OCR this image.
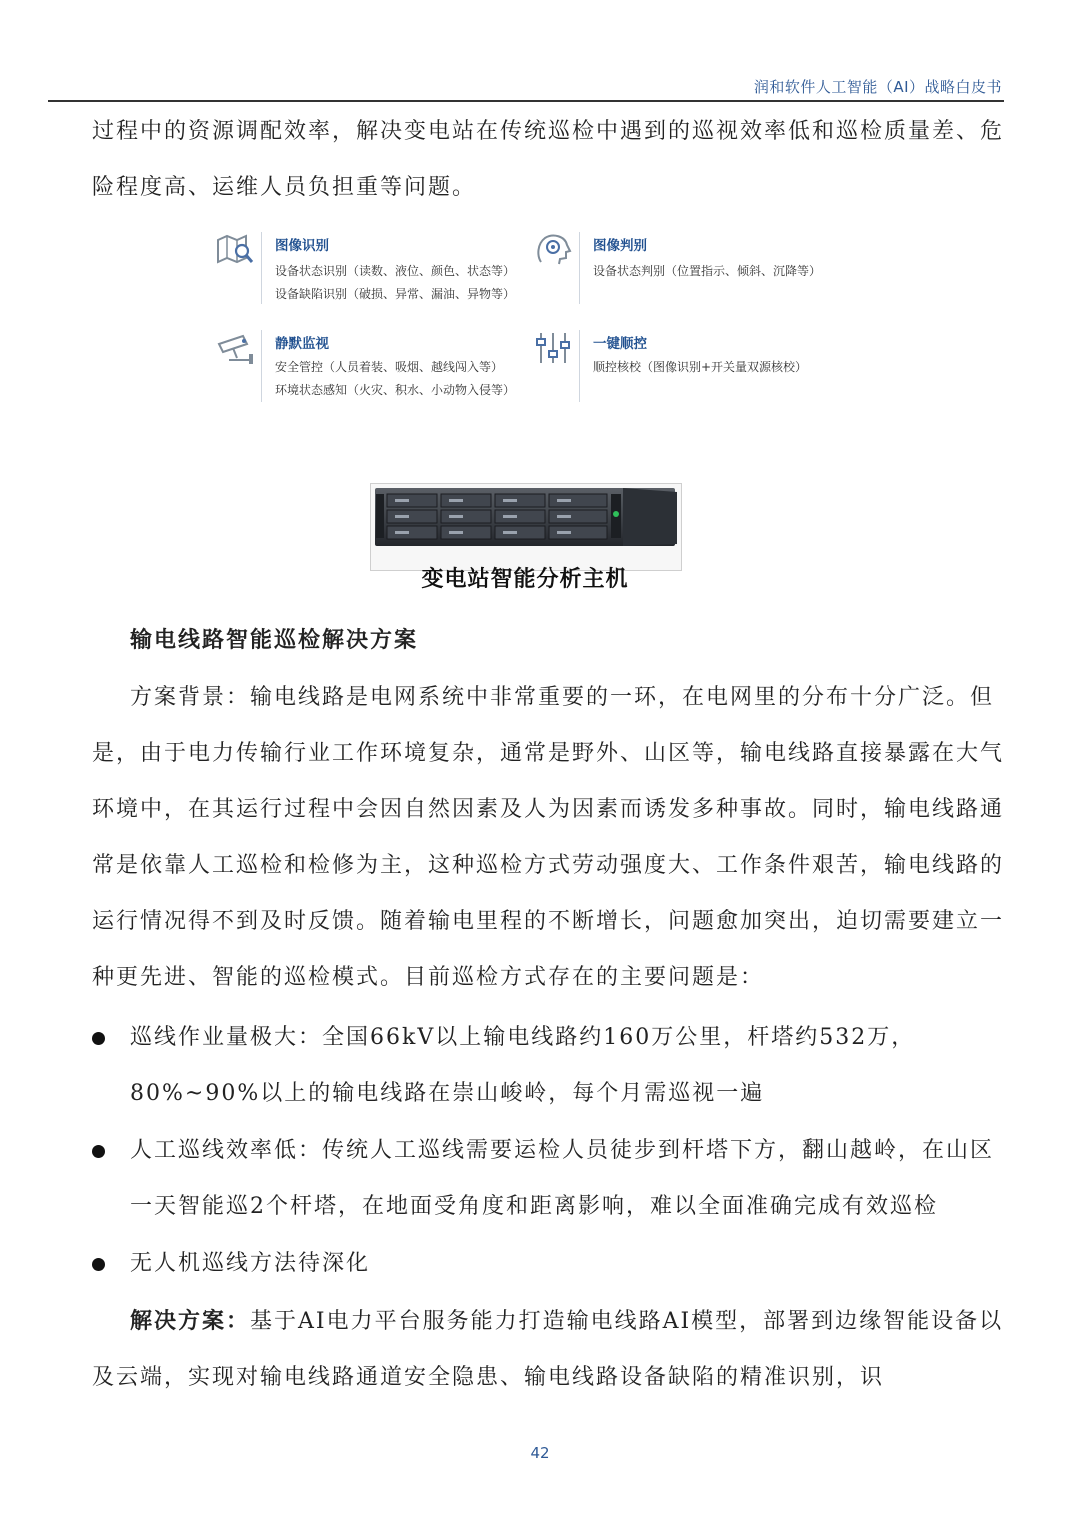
润和软件人工智能（AI）战略白皮书

过程中的资源调配效率，解决变电站在传统巡检中遇到的巡视效率低和巡检质量差、危险程度高、运维人员负担重等问题。

图像识别
设备状态识别（读数、液位、颜色、状态等）
设备缺陷识别（破损、异常、漏油、异物等）
图像判别
设备状态判别（位置指示、倾斜、沉降等）
静默监视
安全管控（人员着装、吸烟、越线闯入等）
环境状态感知（火灾、积水、小动物入侵等）
一键顺控
顺控核校（图像识别+开关量双源核校）
变电站智能分析主机
输电线路智能巡检解决方案

方案背景：输电线路是电网系统中非常重要的一环，在电网里的分布十分广泛。但是，由于电力传输行业工作环境复杂，通常是野外、山区等，输电线路直接暴露在大气环境中，在其运行过程中会因自然因素及人为因素而诱发多种事故。同时，输电线路通常是依靠人工巡检和检修为主，这种巡检方式劳动强度大、工作条件艰苦，输电线路的运行情况得不到及时反馈。随着输电里程的不断增长，问题愈加突出，迫切需要建立一种更先进、智能的巡检模式。目前巡检方式存在的主要问题是：

巡线作业量极大：全国66kV以上输电线路约160万公里，杆塔约532万，80%~90%以上的输电线路在崇山峻岭，每个月需巡视一遍
人工巡线效率低：传统人工巡线需要运检人员徒步到杆塔下方，翻山越岭，在山区一天智能巡2个杆塔，在地面受角度和距离影响，难以全面准确完成有效巡检
无人机巡线方法待深化

解决方案：基于AI电力平台服务能力打造输电线路AI模型，部署到边缘智能设备以及云端，实现对输电线路通道安全隐患、输电线路设备缺陷的精准识别，识

42
